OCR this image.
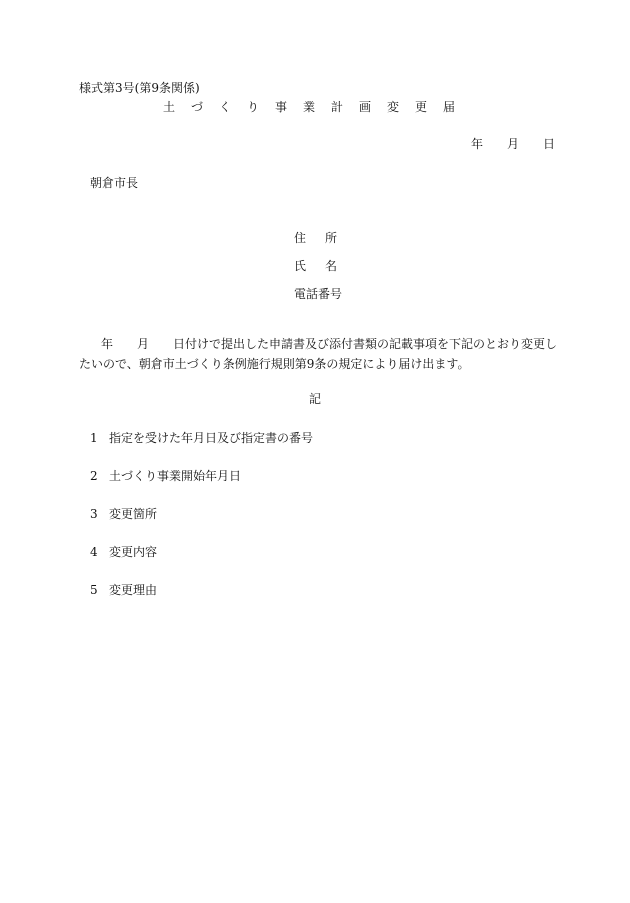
様式第3号(第9条関係)
土づくり事業計画変更届
年 月 日
朝倉市長
住所
氏名
電話番号
年 月 日付けで提出した申請書及び添付書類の記載事項を下記のとおり変更し
たいので、朝倉市土づくり条例施行規則第9条の規定により届け出ます。
記
1 指定を受けた年月日及び指定書の番号
2 土づくり事業開始年月日
3 変更箇所
4 変更内容
5 変更理由
